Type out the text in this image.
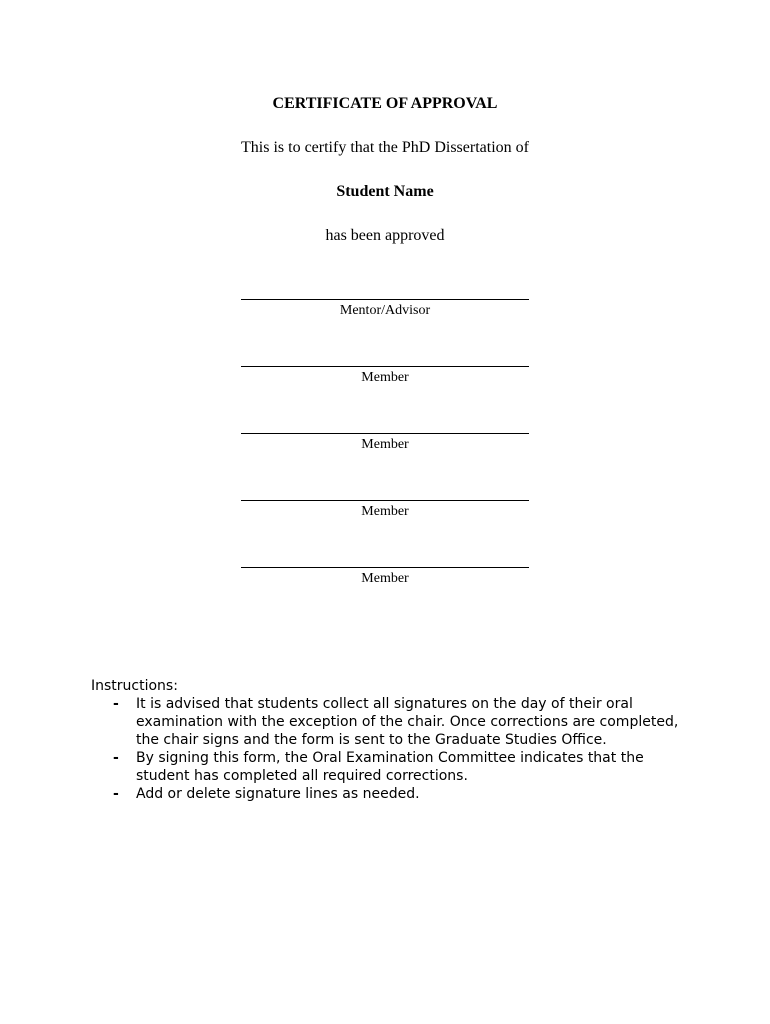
CERTIFICATE OF APPROVAL
This is to certify that the PhD Dissertation of
Student Name
has been approved
Mentor/Advisor
Member
Member
Member
Member
Instructions:
- It is advised that students collect all signatures on the day of their oral examination with the exception of the chair. Once corrections are completed, the chair signs and the form is sent to the Graduate Studies Office.
- By signing this form, the Oral Examination Committee indicates that the student has completed all required corrections.
- Add or delete signature lines as needed.
